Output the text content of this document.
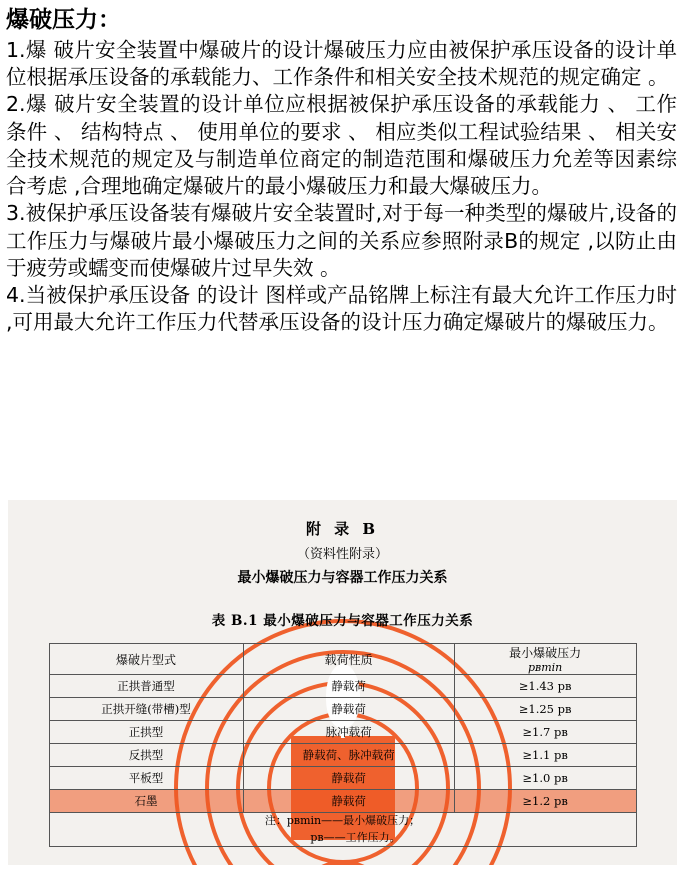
爆破压力：

1.爆 破片安全装置中爆破片的设计爆破压力应由被保护承压设备的设计单位根据承压设备的承载能力、工作条件和相关安全技术规范的规定确定 。

2.爆 破片安全装置的设计单位应根据被保护承压设备的承载能力 、 工作条件 、 结构特点 、 使用单位的要求 、 相应类似工程试验结果 、 相关安全技术规范的规定及与制造单位商定的制造范围和爆破压力允差等因素综合考虑 ,合理地确定爆破片的最小爆破压力和最大爆破压力。

3.被保护承压设备装有爆破片安全装置时,对于每一种类型的爆破片,设备的工作压力与爆破片最小爆破压力之间的关系应参照附录B的规定 ,以防止由于疲劳或蠕变而使爆破片过早失效 。

4.当被保护承压设备 的设计 图样或产品铭牌上标注有最大允许工作压力时 ,可用最大允许工作压力代替承压设备的设计压力确定爆破片的爆破压力。

附 录 B
（资料性附录）
最小爆破压力与容器工作压力关系
表 B.1 最小爆破压力与容器工作压力关系
爆破片型式	载荷性质	最小爆破压力
pʙmin

正拱普通型	静载荷	≥1.43 pʙ
正拱开缝(带槽)型	静载荷	≥1.25 pʙ
正拱型	脉冲载荷	≥1.7 pʙ
反拱型	静载荷、脉冲载荷	≥1.1 pʙ
平板型	静载荷	≥1.0 pʙ
石墨	静载荷	≥1.2 pʙ
注：pʙmin——最小爆破压力；
pʙ——工作压力。		
